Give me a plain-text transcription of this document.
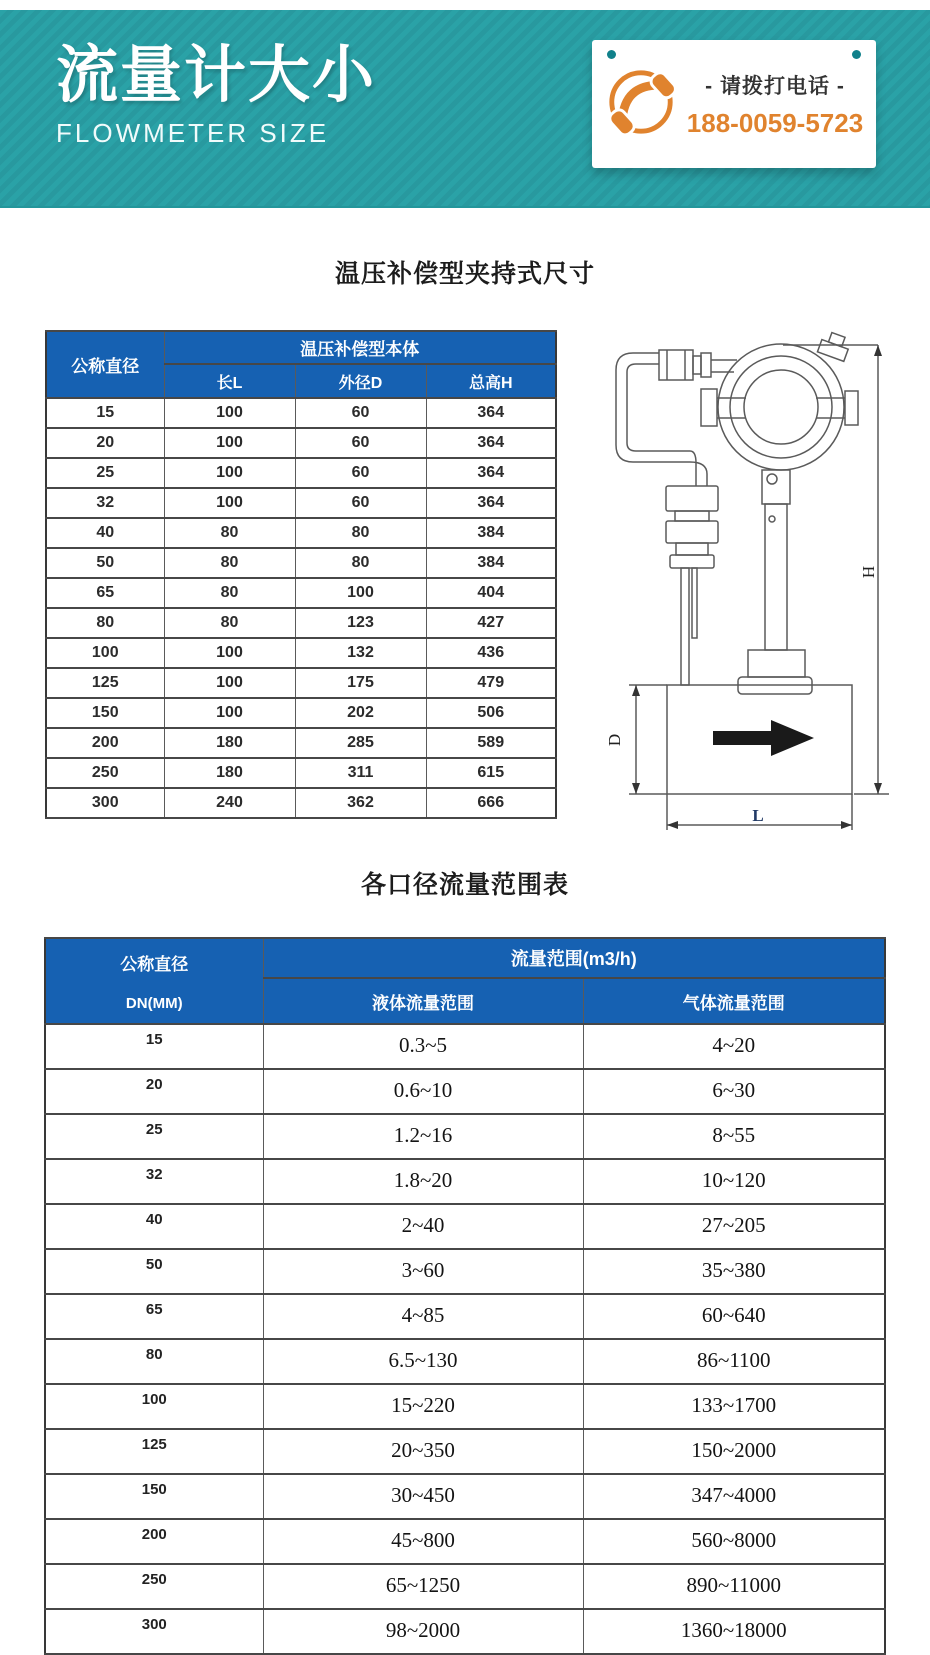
流量计大小
FLOWMETER SIZE
- 请拨打电话 -
188-0059-5723
温压补偿型夹持式尺寸
公称直径	温压补偿型本体		
	长L	外径D	总高H
15	100	60	364
20	100	60	364
25	100	60	364
32	100	60	364
40	80	80	384
50	80	80	384
65	80	100	404
80	80	123	427
100	100	132	436
125	100	175	479
150	100	202	506
200	180	285	589
250	180	311	615
300	240	362	666
H
D
L
各口径流量范围表
公称直径
DN(MM)	流量范围(m3/h)	
	液体流量范围	气体流量范围
15	0.3~5	4~20
20	0.6~10	6~30
25	1.2~16	8~55
32	1.8~20	10~120
40	2~40	27~205
50	3~60	35~380
65	4~85	60~640
80	6.5~130	86~1100
100	15~220	133~1700
125	20~350	150~2000
150	30~450	347~4000
200	45~800	560~8000
250	65~1250	890~11000
300	98~2000	1360~18000
